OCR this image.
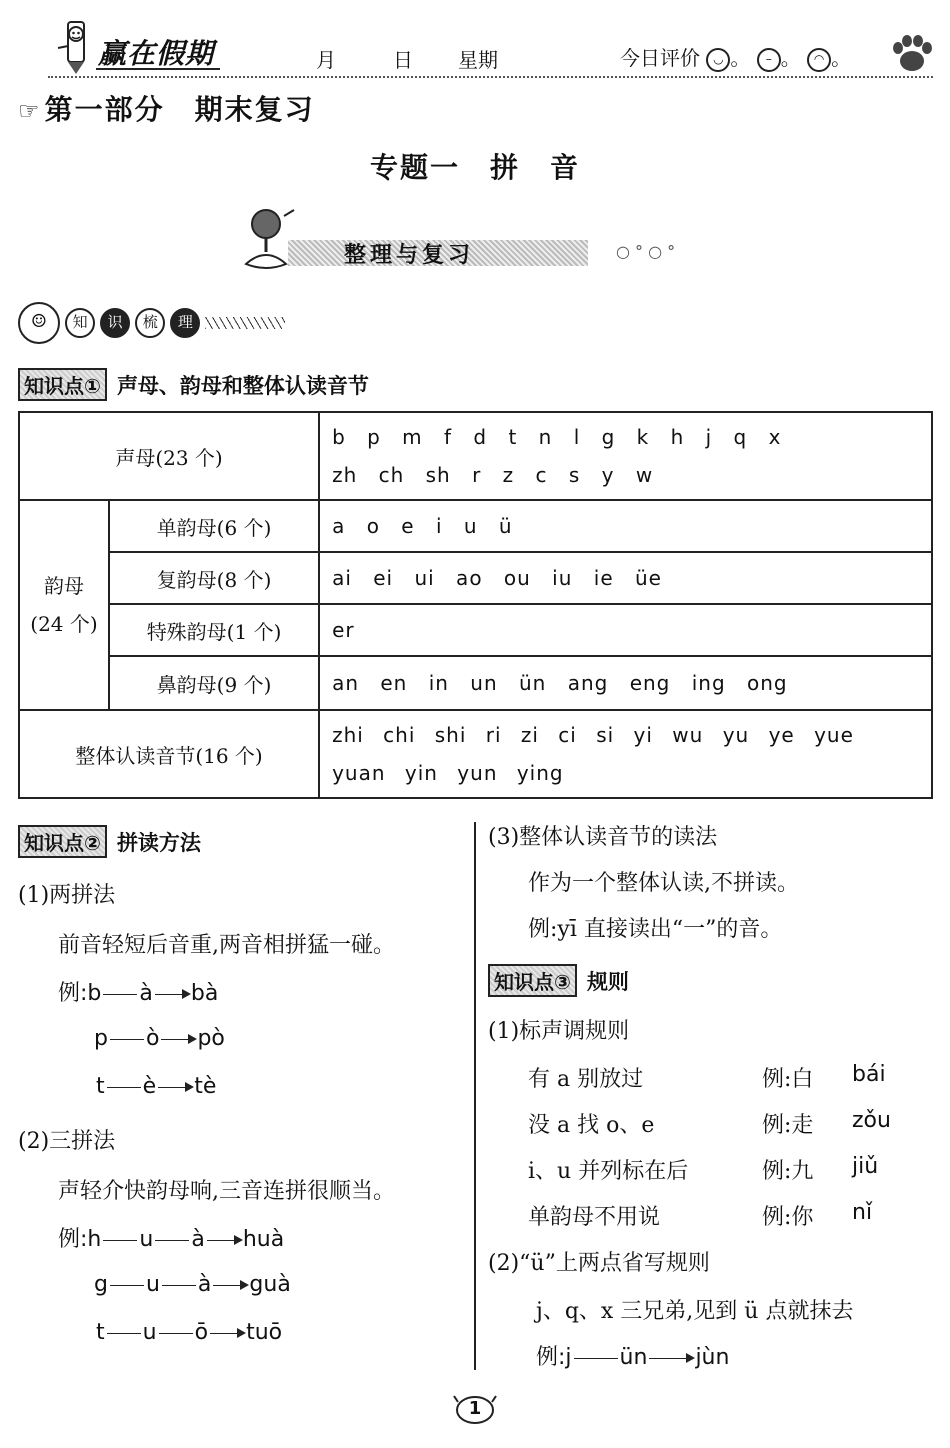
赢在假期	月	日 星期	今日评价 ◡ 。 – 。 ◠ 。
☞ 第一部分　期末复习
专题一　拼　音
整理与复习	○ ° ○ °
☺ 知 识 梳 理
知识点① 声母、韵母和整体认读音节
声母(23 个)		b p m f d t n l g k h j q x
zh ch sh r z c s y w

韵母
(24 个)	单韵母(6 个)	a o e i u ü
	复韵母(8 个)	ai ei ui ao ou iu ie üe
	特殊韵母(1 个)	er
	鼻韵母(9 个)	an en in un ün ang eng ing ong
整体认读音节(16 个)		zhi chi shi ri zi ci si yi wu yu ye yue
yuan yin yun ying
知识点② 拼读方法
(1)两拼法
前音轻短后音重,两音相拼猛一碰。
例:b à bà
p ò pò
t è tè
(2)三拼法
声轻介快韵母响,三音连拼很顺当。
例:h u à huà
g u à guà
t u ō tuō
(3)整体认读音节的读法
作为一个整体认读,不拼读。
例:yī 直接读出“一”的音。
知识点③ 规则
(1)标声调规则
有 a 别放过	例:白 bái
没 a 找 o、e	例:走 zǒu
i、u 并列标在后	例:九 jiǔ
单韵母不用说	例:你 nǐ
(2)“ü”上两点省写规则
j、q、x 三兄弟,见到 ü 点就抹去
例:j ün jùn
1
